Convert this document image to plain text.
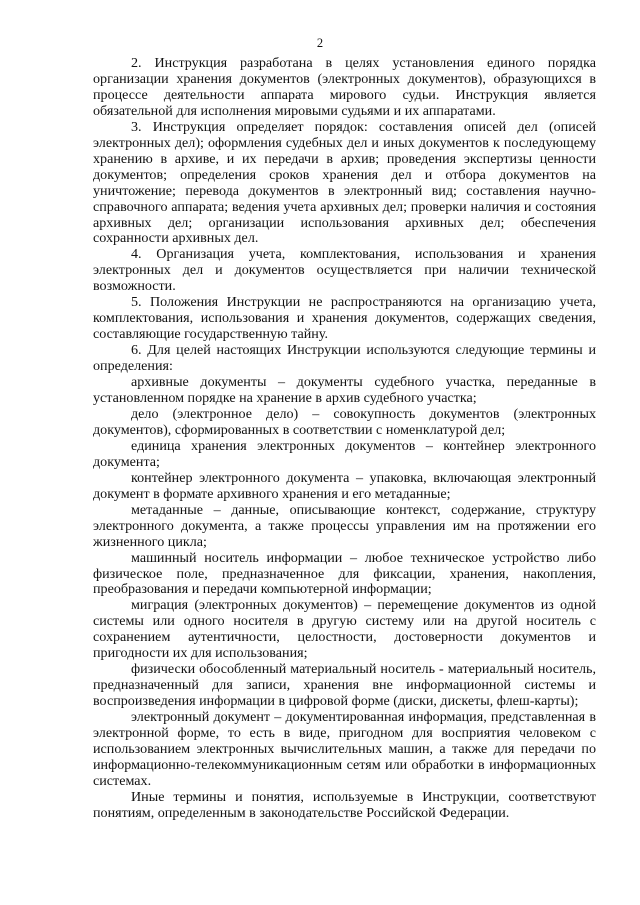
2

2. Инструкция разработана в целях установления единого порядка организации хранения документов (электронных документов), образующихся в процессе деятельности аппарата мирового судьи. Инструкция является обязательной для исполнения мировыми судьями и их аппаратами.

3. Инструкция определяет порядок: составления описей дел (описей электронных дел); оформления судебных дел и иных документов к последующему хранению в архиве, и их передачи в архив; проведения экспертизы ценности документов; определения сроков хранения дел и отбора документов на уничтожение; перевода документов в электронный вид; составления научно-справочного аппарата; ведения учета архивных дел; проверки наличия и состояния архивных дел; организации использования архивных дел; обеспечения сохранности архивных дел.

4. Организация учета, комплектования, использования и хранения электронных дел и документов осуществляется при наличии технической возможности.

5. Положения Инструкции не распространяются на организацию учета, комплектования, использования и хранения документов, содержащих сведения, составляющие государственную тайну.

6. Для целей настоящих Инструкции используются следующие термины и определения:

архивные документы – документы судебного участка, переданные в установленном порядке на хранение в архив судебного участка;

дело (электронное дело) – совокупность документов (электронных документов), сформированных в соответствии с номенклатурой дел;

единица хранения электронных документов – контейнер электронного документа;

контейнер электронного документа – упаковка, включающая электронный документ в формате архивного хранения и его метаданные;

метаданные – данные, описывающие контекст, содержание, структуру электронного документа, а также процессы управления им на протяжении его жизненного цикла;

машинный носитель информации – любое техническое устройство либо физическое поле, предназначенное для фиксации, хранения, накопления, преобразования и передачи компьютерной информации;

миграция (электронных документов) – перемещение документов из одной системы или одного носителя в другую систему или на другой носитель с сохранением аутентичности, целостности, достоверности документов и пригодности их для использования;

физически обособленный материальный носитель - материальный носитель, предназначенный для записи, хранения вне информационной системы и воспроизведения информации в цифровой форме (диски, дискеты, флеш-карты);

электронный документ – документированная информация, представленная в электронной форме, то есть в виде, пригодном для восприятия человеком с использованием электронных вычислительных машин, а также для передачи по информационно-телекоммуникационным сетям или обработки в информационных системах.

Иные термины и понятия, используемые в Инструкции, соответствуют понятиям, определенным в законодательстве Российской Федерации.
